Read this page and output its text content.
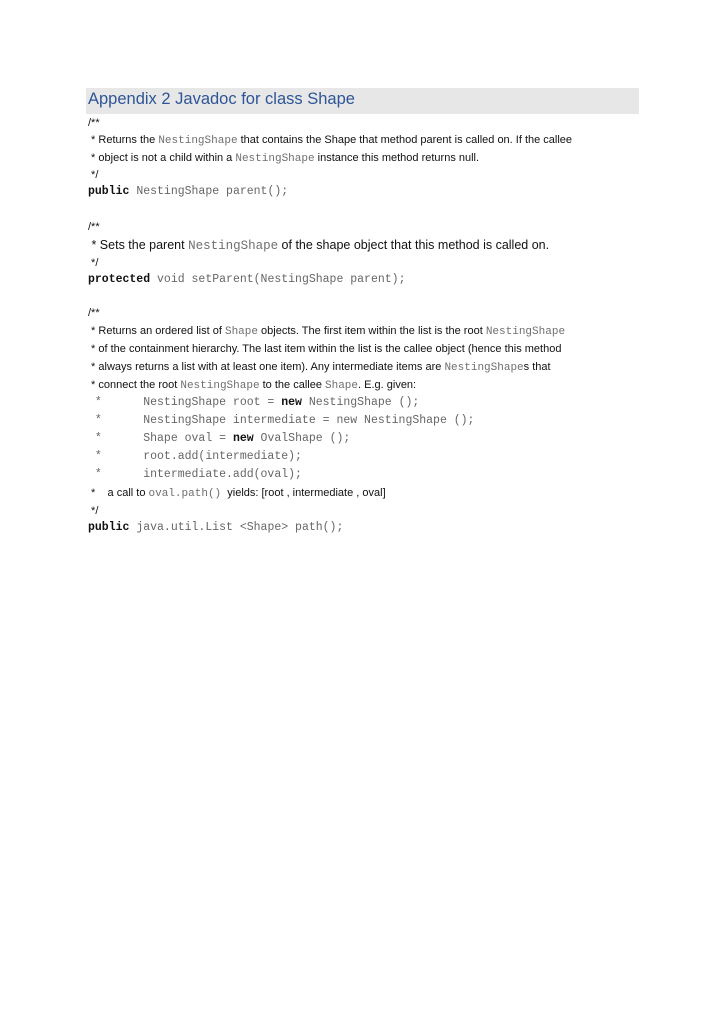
Appendix 2 Javadoc for class Shape
/**
* Returns the NestingShape that contains the Shape that method parent is called on. If the callee
* object is not a child within a NestingShape instance this method returns null.
*/
public NestingShape parent();
/**
* Sets the parent NestingShape of the shape object that this method is called on.
*/
protected void setParent(NestingShape parent);
/**
* Returns an ordered list of Shape objects. The first item within the list is the root NestingShape
* of the containment hierarchy. The last item within the list is the callee object (hence this method
* always returns a list with at least one item). Any intermediate items are NestingShapes that
* connect the root NestingShape to the callee Shape. E.g. given:
*      NestingShape root = new NestingShape ();
*      NestingShape intermediate = new NestingShape ();
*      Shape oval = new OvalShape ();
*      root.add(intermediate);
*      intermediate.add(oval);
*    a call to oval.path()  yields: [root , intermediate , oval]
*/
public java.util.List <Shape> path();
